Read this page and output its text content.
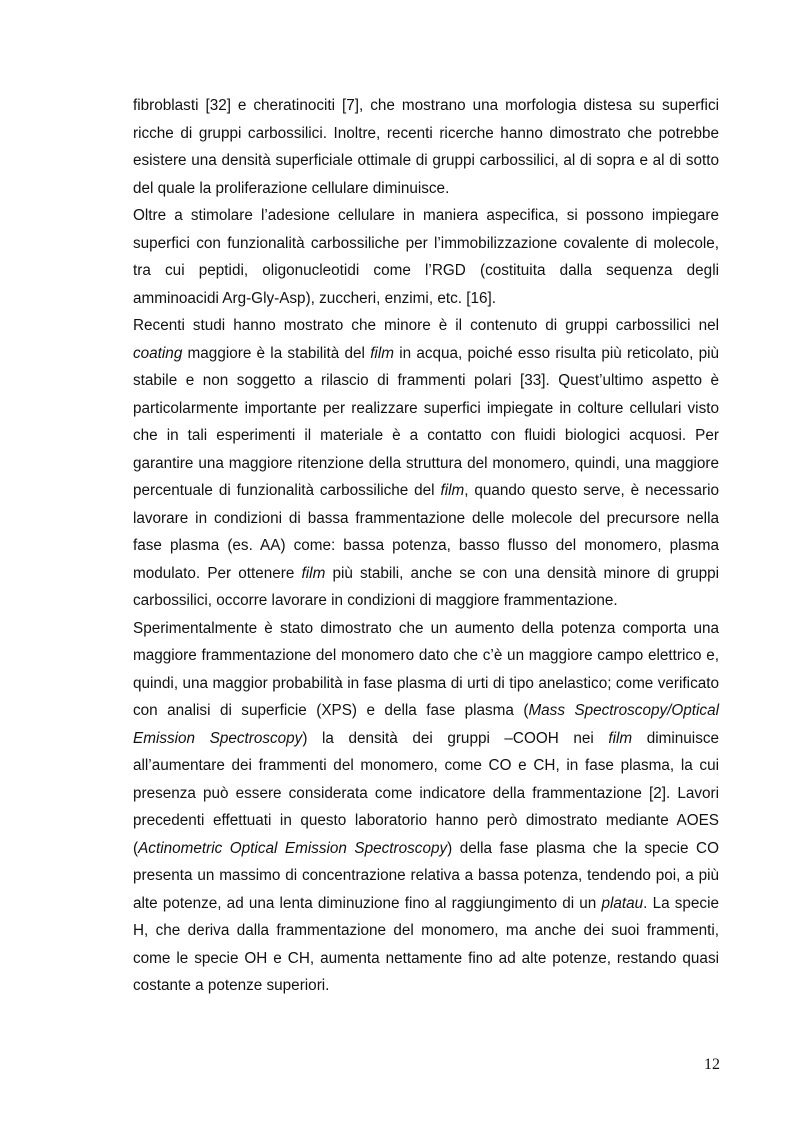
fibroblasti [32] e cheratinociti [7], che mostrano una morfologia distesa su superfici ricche di gruppi carbossilici. Inoltre, recenti ricerche hanno dimostrato che potrebbe esistere una densità superficiale ottimale di gruppi carbossilici, al di sopra e al di sotto del quale la proliferazione cellulare diminuisce.

Oltre a stimolare l’adesione cellulare in maniera aspecifica, si possono impiegare superfici con funzionalità carbossiliche per l’immobilizzazione covalente di molecole, tra cui peptidi, oligonucleotidi come l’RGD (costituita dalla sequenza degli amminoacidi Arg-Gly-Asp), zuccheri, enzimi, etc. [16].

Recenti studi hanno mostrato che minore è il contenuto di gruppi carbossilici nel coating maggiore è la stabilità del film in acqua, poiché esso risulta più reticolato, più stabile e non soggetto a rilascio di frammenti polari [33]. Quest’ultimo aspetto è particolarmente importante per realizzare superfici impiegate in colture cellulari visto che in tali esperimenti il materiale è a contatto con fluidi biologici acquosi. Per garantire una maggiore ritenzione della struttura del monomero, quindi, una maggiore percentuale di funzionalità carbossiliche del film, quando questo serve, è necessario lavorare in condizioni di bassa frammentazione delle molecole del precursore nella fase plasma (es. AA) come: bassa potenza, basso flusso del monomero, plasma modulato. Per ottenere film più stabili, anche se con una densità minore di gruppi carbossilici, occorre lavorare in condizioni di maggiore frammentazione.

Sperimentalmente è stato dimostrato che un aumento della potenza comporta una maggiore frammentazione del monomero dato che c’è un maggiore campo elettrico e, quindi, una maggior probabilità in fase plasma di urti di tipo anelastico; come verificato con analisi di superficie (XPS) e della fase plasma (Mass Spectroscopy/Optical Emission Spectroscopy) la densità dei gruppi –COOH nei film diminuisce all’aumentare dei frammenti del monomero, come CO e CH, in fase plasma, la cui presenza può essere considerata come indicatore della frammentazione [2]. Lavori precedenti effettuati in questo laboratorio hanno però dimostrato mediante AOES (Actinometric Optical Emission Spectroscopy) della fase plasma che la specie CO presenta un massimo di concentrazione relativa a bassa potenza, tendendo poi, a più alte potenze, ad una lenta diminuzione fino al raggiungimento di un platau. La specie H, che deriva dalla frammentazione del monomero, ma anche dei suoi frammenti, come le specie OH e CH, aumenta nettamente fino ad alte potenze, restando quasi costante a potenze superiori.

12
